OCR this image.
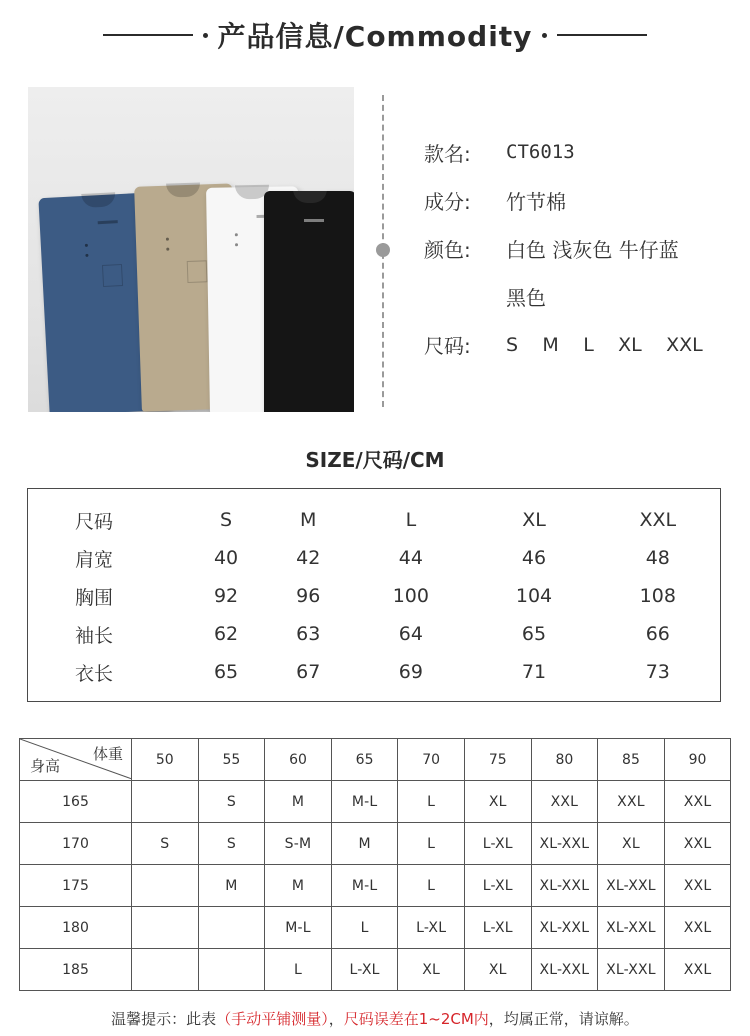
产品信息/Commodity
款名:	CT6013
成分:	竹节棉
颜色:	白色 浅灰色 牛仔蓝
黑色
尺码:	S M L XL XXL
SIZE/尺码/CM
尺码	S	M	L	XL	XXL
肩宽	40	42	44	46	48
胸围	92	96	100	104	108
袖长	62	63	64	65	66
衣长	65	67	69	71	73
体重
身高	50	55	60	65	70	75	80	85	90
165		S	M	M-L	L	XL	XXL	XXL	XXL
170	S	S	S-M	M	L	L-XL	XL-XXL	XL	XXL
175		M	M	M-L	L	L-XL	XL-XXL	XL-XXL	XXL
180			M-L	L	L-XL	L-XL	XL-XXL	XL-XXL	XXL
185			L	L-XL	XL	XL	XL-XXL	XL-XXL	XXL
温馨提示：此表（手动平铺测量），尺码误差在1~2CM内，均属正常，请谅解。
